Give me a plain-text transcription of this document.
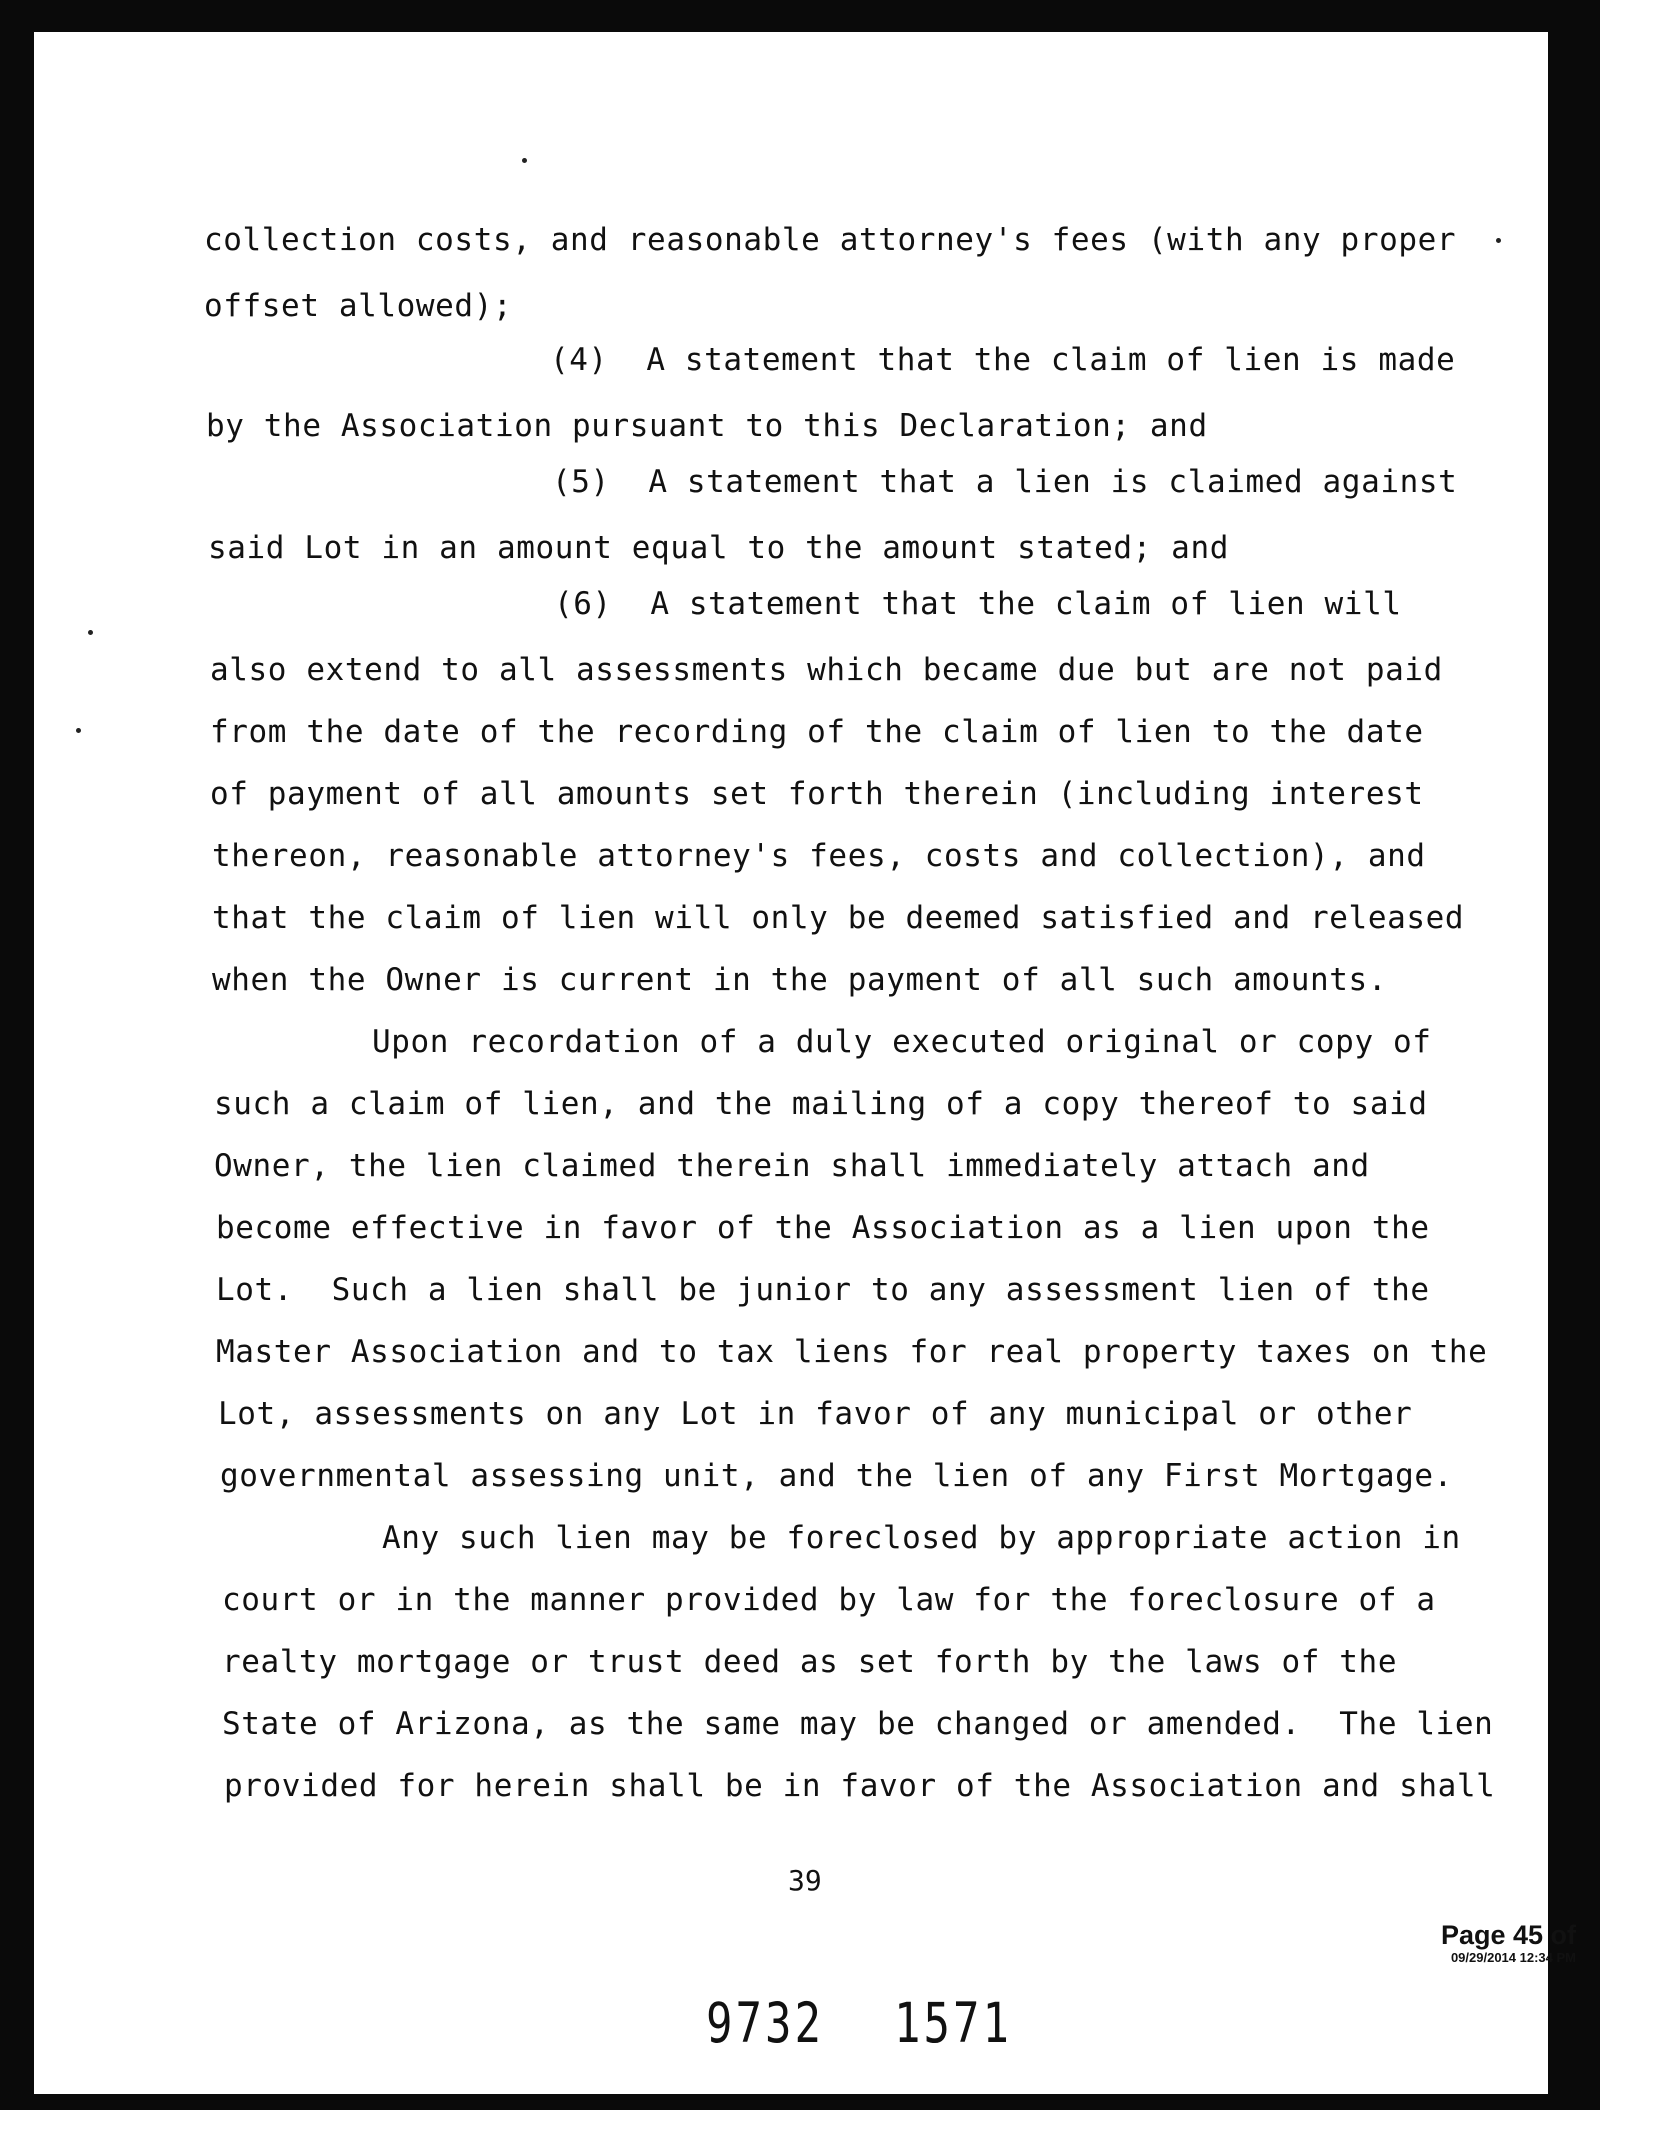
collection costs, and reasonable attorney's fees (with any proper
offset allowed);
(4)  A statement that the claim of lien is made
by the Association pursuant to this Declaration; and
(5)  A statement that a lien is claimed against
said Lot in an amount equal to the amount stated; and
(6)  A statement that the claim of lien will
also extend to all assessments which became due but are not paid
from the date of the recording of the claim of lien to the date
of payment of all amounts set forth therein (including interest
thereon, reasonable attorney's fees, costs and collection), and
that the claim of lien will only be deemed satisfied and released
when the Owner is current in the payment of all such amounts.
Upon recordation of a duly executed original or copy of
such a claim of lien, and the mailing of a copy thereof to said
Owner, the lien claimed therein shall immediately attach and
become effective in favor of the Association as a lien upon the
Lot.  Such a lien shall be junior to any assessment lien of the
Master Association and to tax liens for real property taxes on the
Lot, assessments on any Lot in favor of any municipal or other
governmental assessing unit, and the lien of any First Mortgage.
Any such lien may be foreclosed by appropriate action in
court or in the manner provided by law for the foreclosure of a
realty mortgage or trust deed as set forth by the laws of the
State of Arizona, as the same may be changed or amended.  The lien
provided for herein shall be in favor of the Association and shall
39
Page 45 of
09/29/2014 12:34 PM
9732 1571
